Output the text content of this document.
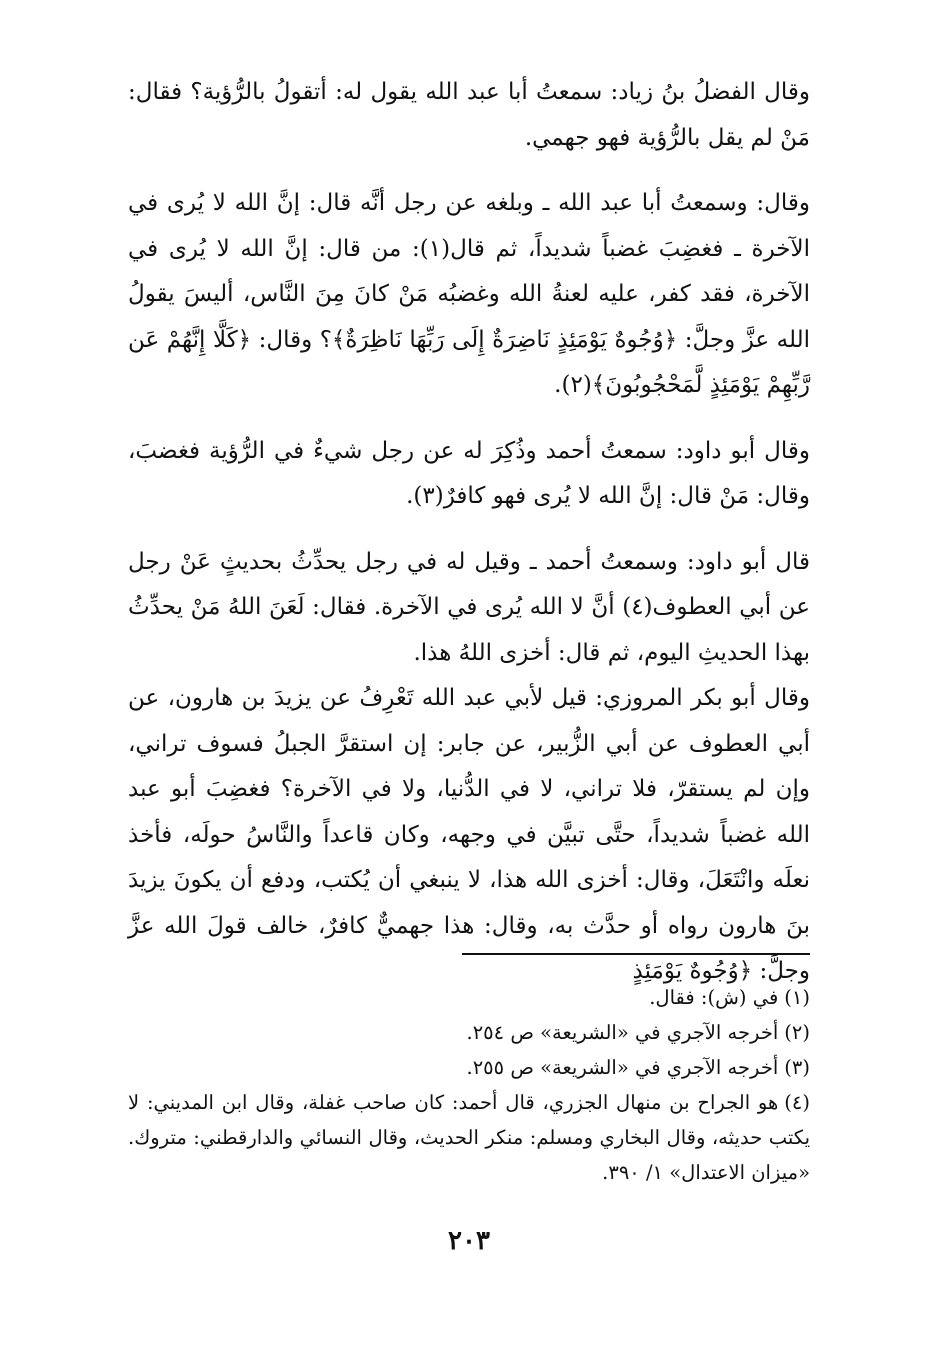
وقال الفضلُ بنُ زياد: سمعتُ أبا عبد الله يقول له: أتقولُ بالرُّؤية؟ فقال: مَنْ لم يقل بالرُّؤية فهو جهمي.

وقال: وسمعتُ أبا عبد الله ـ وبلغه عن رجل أنَّه قال: إنَّ الله لا يُرى في الآخرة ـ فغضِبَ غضباً شديداً، ثم قال(١): من قال: إنَّ الله لا يُرى في الآخرة، فقد كفر، عليه لعنةُ الله وغضبُه مَنْ كانَ مِنَ النَّاس، أليسَ يقولُ الله عزَّ وجلَّ: ﴿وُجُوهٌ يَوْمَئِذٍ نَاضِرَةٌ إِلَى رَبِّهَا نَاظِرَةٌ﴾؟ وقال: ﴿كَلَّا إِنَّهُمْ عَن رَّبِّهِمْ يَوْمَئِذٍ لَّمَحْجُوبُونَ﴾(٢).

وقال أبو داود: سمعتُ أحمد وذُكِرَ له عن رجل شيءٌ في الرُّؤية فغضبَ، وقال: مَنْ قال: إنَّ الله لا يُرى فهو كافرٌ(٣).

قال أبو داود: وسمعتُ أحمد ـ وقيل له في رجل يحدِّثُ بحديثٍ عَنْ رجل عن أبي العطوف(٤) أنَّ لا الله يُرى في الآخرة. فقال: لَعَنَ اللهُ مَنْ يحدِّثُ بهذا الحديثِ اليوم، ثم قال: أخزى اللهُ هذا.

وقال أبو بكر المروزي: قيل لأبي عبد الله تَعْرِفُ عن يزيدَ بن هارون، عن أبي العطوف عن أبي الزُّبير، عن جابر: إن استقرَّ الجبلُ فسوف تراني، وإن لم يستقرّ، فلا تراني، لا في الدُّنيا، ولا في الآخرة؟ فغضِبَ أبو عبد الله غضباً شديداً، حتَّى تبيَّن في وجهه، وكان قاعداً والنَّاسُ حولَه، فأخذ نعلَه وانْتَعَلَ، وقال: أخزى الله هذا، لا ينبغي أن يُكتب، ودفع أن يكونَ يزيدَ بنَ هارون رواه أو حدَّث به، وقال: هذا جهميٌّ كافرٌ، خالف قولَ الله عزَّ وجلَّ: ﴿وُجُوهٌ يَوْمَئِذٍ

(١)في (ش): فقال.

(٢)أخرجه الآجري في «الشريعة» ص ٢٥٤.

(٣)أخرجه الآجري في «الشريعة» ص ٢٥٥.

(٤)هو الجراح بن منهال الجزري، قال أحمد: كان صاحب غفلة، وقال ابن المديني: لا يكتب حديثه، وقال البخاري ومسلم: منكر الحديث، وقال النسائي والدارقطني: متروك. «ميزان الاعتدال» ١/ ٣٩٠.

٢٠٣
